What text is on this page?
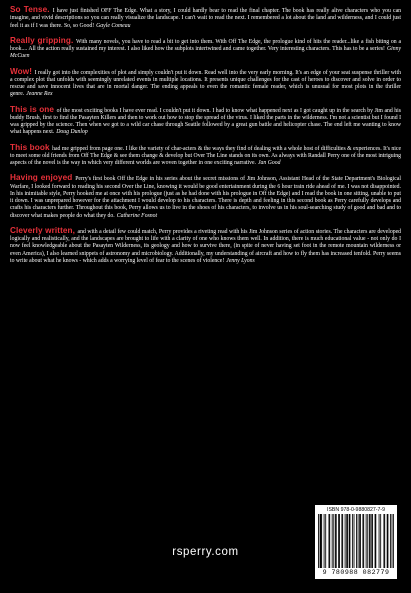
So Tense. I have just finished OFF The Edge. What a story, I could hardly bear to read the final chapter. The book has really alive characters who you can imagine, and vivid descriptions so you can really visualize the landscape. I can't wait to read the next. I remembered a lot about the land and wilderness, and I could just feel it as if I was there. So, so Good! Gayle Comeau
Really gripping. With many novels, you have to read a bit to get into them. With Off The Edge, the prologue kind of hits the reader...like a fish biting on a hook.... All the action really sustained my interest. I also liked how the subplots intertwined and came together. Very interesting characters. This has to be a series! Ginny McCuen
Wow! I really got into the complexities of plot and simply couldn't put it down. Read well into the very early morning. It's an edge of your seat suspense thriller with a complex plot that unfolds with seemingly unrelated events in multiple locations. It presents unique challenges for the cast of heroes to discover and solve in order to rescue and save innocent lives that are in mortal danger. The ending appeals to even the romantic female reader, which is unusual for most plots in the thriller genre. Jeanne Rex
This is one of the most exciting books I have ever read. I couldn't put it down. I had to know what happened next as I got caught up in the search by Jim and his buddy Brush, first to find the Pasayten Killers and then to work out how to stop the spread of the virus. I liked the parts in the wilderness. I'm not a scientist but I found I was gripped by the science. Then when we got to a wild car chase through Seattle followed by a great gun battle and helicopter chase. The end left me wanting to know what happens next. Doug Dunlop
This book had me gripped from page one. I like the variety of char-acters & the ways they find of dealing with a whole host of difficulties & experiences. It's nice to meet some old friends from Off The Edge & see them change & develop but Over The Line stands on its own. As always with Randall Perry one of the most intriguing aspects of the novel is the way in which very different worlds are woven together in one exciting narrative. Jan Good
Having enjoyed Perry's first book Off the Edge in his series about the secret missions of Jim Johnson, Assistant Head of the State Department's Biological Warfare, I looked forward to reading his second Over the Line, knowing it would be good entertainment during the 6 hour train ride ahead of me. I was not disappointed. In his inimitable style, Perry hooked me at once with his prologue (just as he had done with his prologue in Off the Edge) and I read the book in one sitting, unable to put it down. I was unprepared however for the attachment I would develop to his characters. There is depth and feeling in this second book as Perry carefully develops and crafts his characters further. Throughout this book, Perry allows us to live in the shoes of his characters, to involve us in his soul-searching study of good and bad and to discover what makes people do what they do. Catherine Fosnot
Cleverly written, and with a detail few could match, Perry provides a riveting read with his Jim Johnson series of action stories. The characters are developed logically and realistically, and the landscapes are brought to life with a clarity of one who knows them well. In addition, there is much educational value - not only do I now feel knowledgeable about the Pasayten Wilderness, its geology and how to survive there, (in spite of never having set foot in the remote mountain wilderness or even America), I also learned snippets of astronomy and microbiology. Additionally, my understanding of aircraft and how to fly them has increased tenfold. Perry seems to write about what he knows - which adds a worrying level of fear to the scenes of violence! Jenny Lyons
rsperry.com
ISBN 978-0-9880827-7-9
9 780988 082779
